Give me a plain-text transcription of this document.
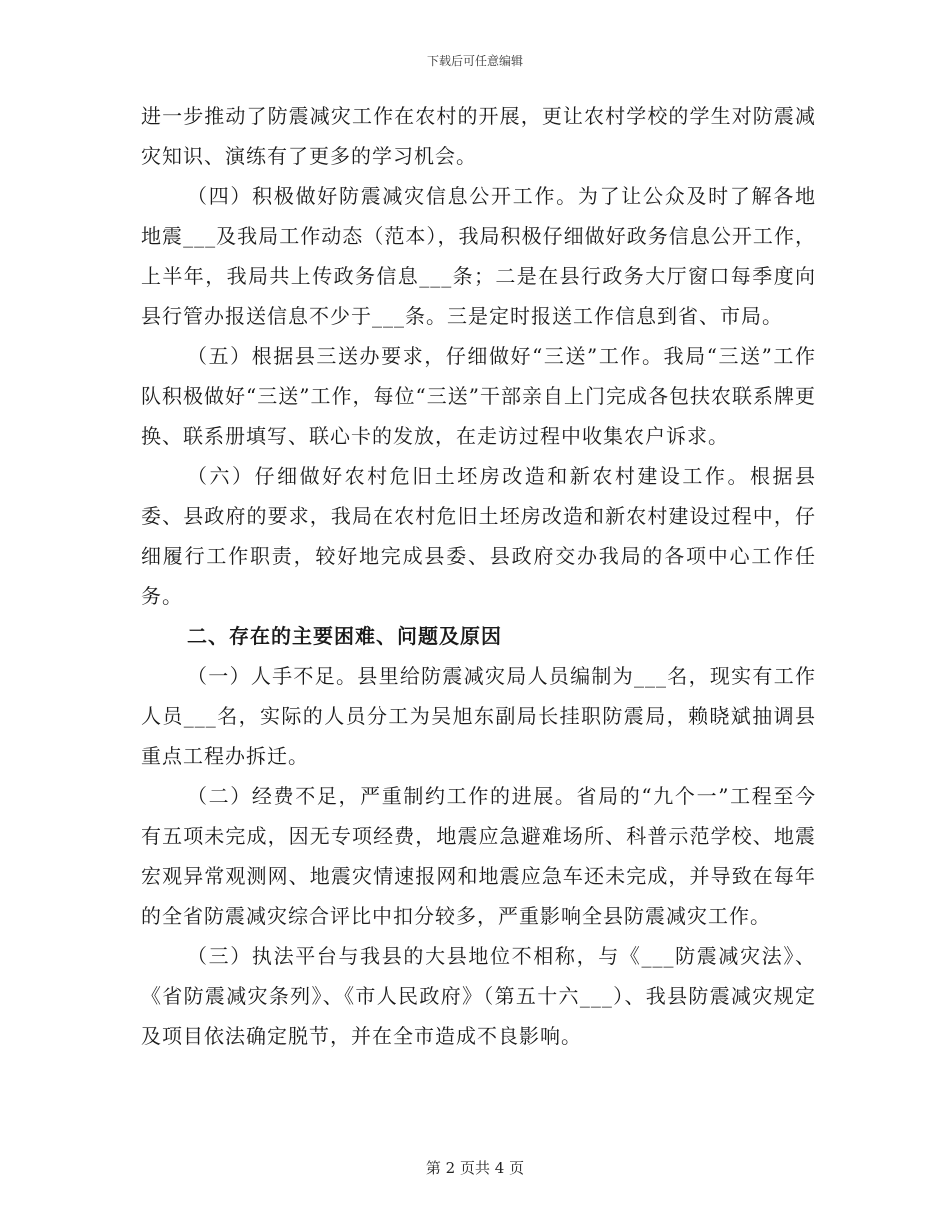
下载后可任意编辑

进一步推动了防震减灾工作在农村的开展，更让农村学校的学生对防震减灾知识、演练有了更多的学习机会。

（四）积极做好防震减灾信息公开工作。为了让公众及时了解各地地震___及我局工作动态（范本），我局积极仔细做好政务信息公开工作，上半年，我局共上传政务信息___条；二是在县行政务大厅窗口每季度向县行管办报送信息不少于___条。三是定时报送工作信息到省、市局。

（五）根据县三送办要求，仔细做好“三送”工作。我局“三送”工作队积极做好“三送”工作，每位“三送”干部亲自上门完成各包扶农联系牌更换、联系册填写、联心卡的发放，在走访过程中收集农户诉求。

（六）仔细做好农村危旧土坯房改造和新农村建设工作。根据县委、县政府的要求，我局在农村危旧土坯房改造和新农村建设过程中，仔细履行工作职责，较好地完成县委、县政府交办我局的各项中心工作任务。

二、存在的主要困难、问题及原因

（一）人手不足。县里给防震减灾局人员编制为___名，现实有工作人员___名，实际的人员分工为吴旭东副局长挂职防震局，赖晓斌抽调县重点工程办拆迁。

（二）经费不足，严重制约工作的进展。省局的“九个一”工程至今有五项未完成，因无专项经费，地震应急避难场所、科普示范学校、地震宏观异常观测网、地震灾情速报网和地震应急车还未完成，并导致在每年的全省防震减灾综合评比中扣分较多，严重影响全县防震减灾工作。

（三）执法平台与我县的大县地位不相称，与《___防震减灾法》、《省防震减灾条列》、《市人民政府》（第五十六___）、我县防震减灾规定及项目依法确定脱节，并在全市造成不良影响。

第 2 页共 4 页
